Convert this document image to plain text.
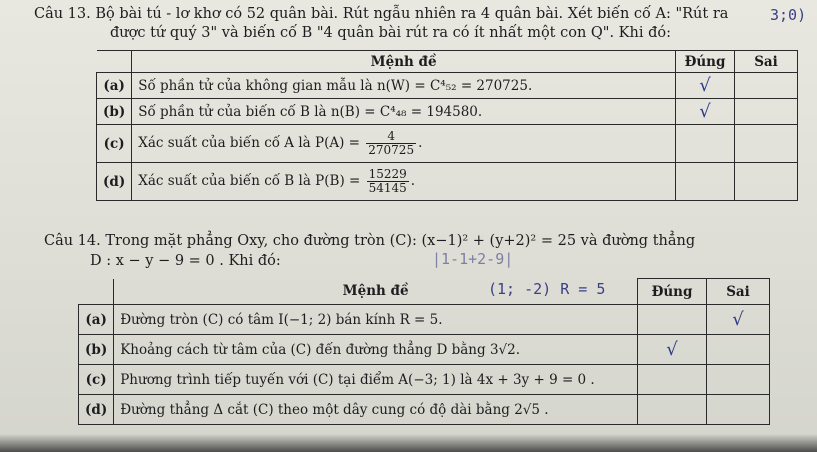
Câu 13. Bộ bài tú - lơ khơ có 52 quân bài. Rút ngẫu nhiên ra 4 quân bài. Xét biến cố A: "Rút ra
được tứ quý 3" và biến cố B "4 quân bài rút ra có ít nhất một con Q". Khi đó:
3;0)
	Mệnh đề	Đúng	Sai
(a)	Số phần tử của không gian mẫu là n(W) = C⁴₅₂ = 270725.	√	
(b)	Số phần tử của biến cố B là n(B) = C⁴₄₈ = 194580.	√	
(c)	Xác suất của biến cố A là $P(A) = \frac{4}{270725}$ .		
(d)	Xác suất của biến cố B là $P(B) = \frac{15229}{54145}$ .		
Câu 14. Trong mặt phẳng Oxy, cho đường tròn (C): (x−1)² + (y+2)² = 25 và đường thẳng
D : x − y − 9 = 0 . Khi đó:	|1-1+2-9|
(1; -2) R = 5
	Mệnh đề	Đúng	Sai
(a)	Đường tròn (C) có tâm I(−1; 2) bán kính R = 5.		√
(b)	Khoảng cách từ tâm của (C) đến đường thẳng D bằng 3√2.	√	
(c)	Phương trình tiếp tuyến với (C) tại điểm A(−3; 1) là 4x + 3y + 9 = 0 .		
(d)	Đường thẳng Δ cắt (C) theo một dây cung có độ dài bằng 2√5 .		
